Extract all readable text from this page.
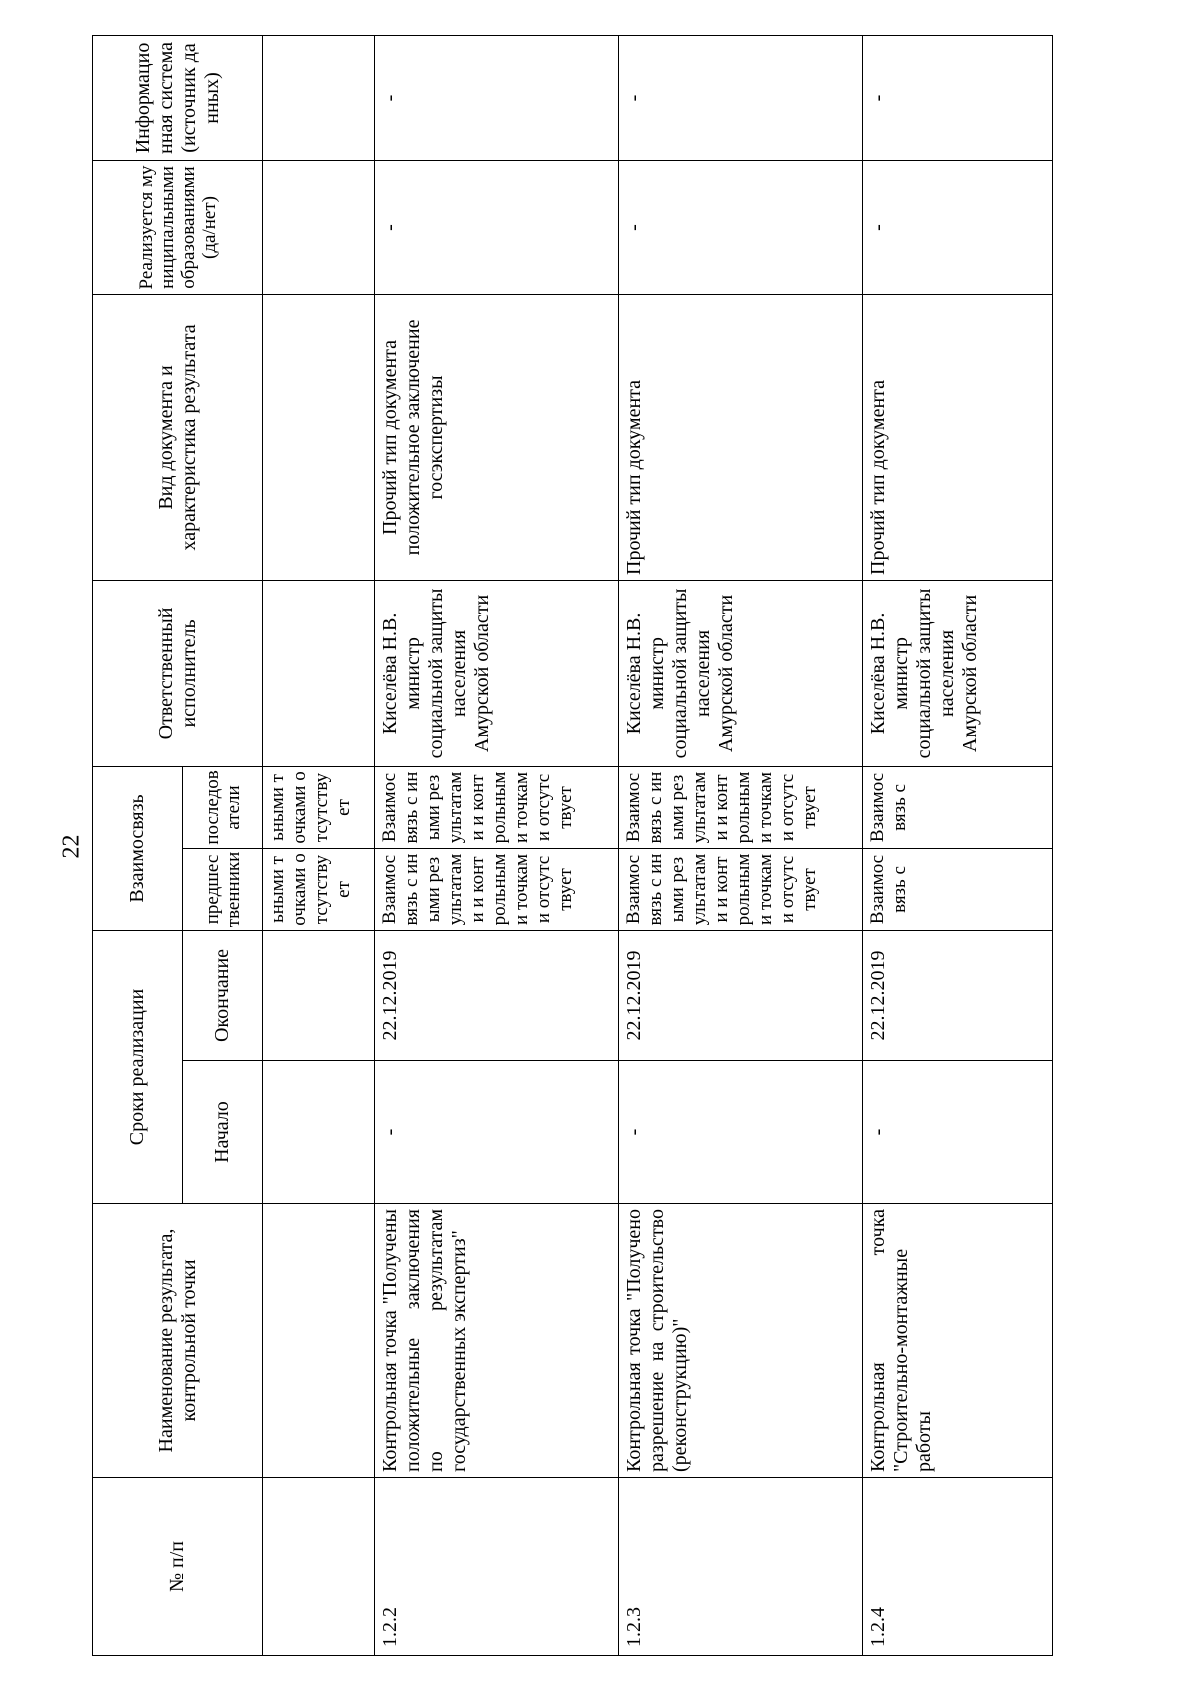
22
№ п/п	Наименование результата, контрольной точки	Сроки реализации		Взаимосвязь		Ответственный исполнитель	Вид документа и характеристика результата	Реализуется муниципальными образованиями (да/нет)	Информационная система (источник данных)
		Начало	Окончание	предшественники	последователи				
				ьными точками отсутствует	ьными точками отсутствует				
1.2.2	Контрольная точка "Получены положительные заключения по результатам государственных экспертиз"	-	22.12.2019	Взаимосвязь с иными результатами и контрольными точками отсутствует	Взаимосвязь с иными результатами и контрольными точками отсутствует	Киселёва Н.В. министр социальной защиты населения Амурской области	Прочий тип документа положительное заключение госэкспертизы	-	-
1.2.3	Контрольная точка "Получено разрешение на строительство (реконструкцию)"	-	22.12.2019	Взаимосвязь с иными результатами и контрольными точками отсутствует	Взаимосвязь с иными результатами и контрольными точками отсутствует	Киселёва Н.В. министр социальной защиты населения Амурской области	Прочий тип документа	-	-
1.2.4	Контрольная точка "Строительно-монтажные работы	-	22.12.2019	Взаимосвязь с	Взаимосвязь с	Киселёва Н.В. министр социальной защиты населения Амурской области	Прочий тип документа	-	-
